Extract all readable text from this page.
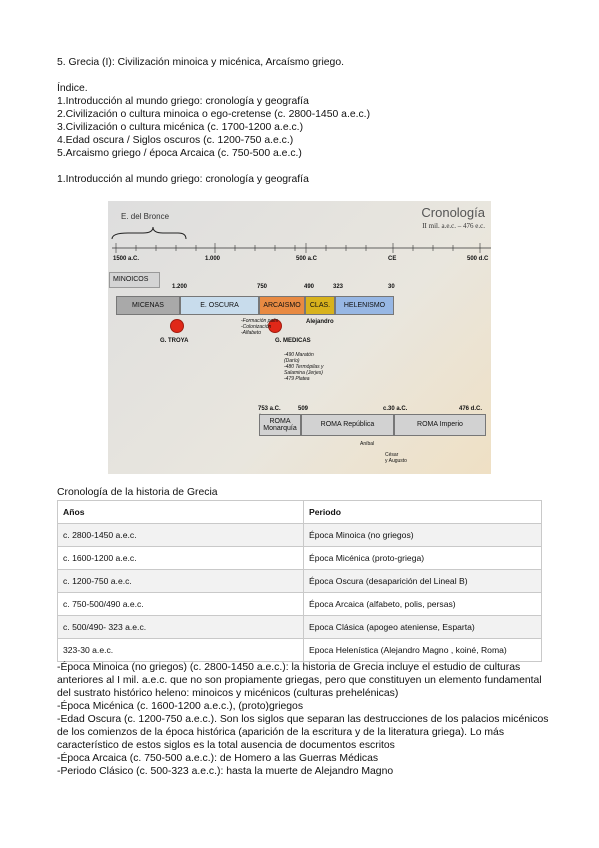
5. Grecia (I): Civilización minoica y micénica, Arcaísmo griego.
Índice.
1.Introducción al mundo griego: cronología y geografía
2.Civilización o cultura minoica o ego-cretense (c. 2800-1450 a.e.c.)
3.Civilización o cultura micénica (c. 1700-1200 a.e.c.)
4.Edad oscura / Siglos oscuros (c. 1200-750 a.e.c.)
5.Arcaismo griego / época Arcaica (c. 750-500 a.e.c.)
1.Introducción al mundo griego: cronología y geografía
E. del Bronce	Cronología
II mil. a.e.c. – 476 e.c.
1500 a.C.	1.000	500 a.C	CE	500 d.C
MINOICOS
1.200	750	490	323	30
MICENAS	E. OSCURA	ARCAISMO	CLAS.	HELENISMO
G. TROYA	G. MEDICAS
Alejandro
-Formación polis
-Colonización
-Alfabeto
-490 Maratón
(Darío)
-480 Termópilas y
Salamina (Jerjes)
-479 Platea
753 a.C.	509	c.30 a.C.	476 d.C.
ROMA Monarquía
ROMA República	ROMA Imperio
Aníbal
César
y Augusto
Cronología de la historia de Grecia
Años	Periodo
c. 2800-1450 a.e.c.	Época Minoica (no griegos)
c. 1600-1200 a.e.c.	Época Micénica (proto-griega)
c. 1200-750 a.e.c.	Época Oscura (desaparición del Lineal B)
c. 750-500/490 a.e.c.	Época Arcaica (alfabeto, polis, persas)
c. 500/490- 323 a.e.c.	Epoca Clásica (apogeo ateniense, Esparta)
323-30 a.e.c.	Epoca Helenística (Alejandro Magno , koiné, Roma)
-Época Minoica (no griegos) (c. 2800-1450 a.e.c.): la historia de Grecia incluye el estudio de culturas anteriores al I mil. a.e.c. que no son propiamente griegas, pero que constituyen un elemento fundamental del sustrato histórico heleno: minoicos y micénicos (culturas prehelénicas)
-Época Micénica (c. 1600-1200 a.e.c.), (proto)griegos
-Edad Oscura (c. 1200-750 a.e.c.). Son los siglos que separan las destrucciones de los palacios micénicos de los comienzos de la época histórica (aparición de la escritura y de la literatura griega). Lo más característico de estos siglos es la total ausencia de documentos escritos
-Época Arcaica (c. 750-500 a.e.c.): de Homero a las Guerras Médicas
-Periodo Clásico (c. 500-323 a.e.c.): hasta la muerte de Alejandro Magno
